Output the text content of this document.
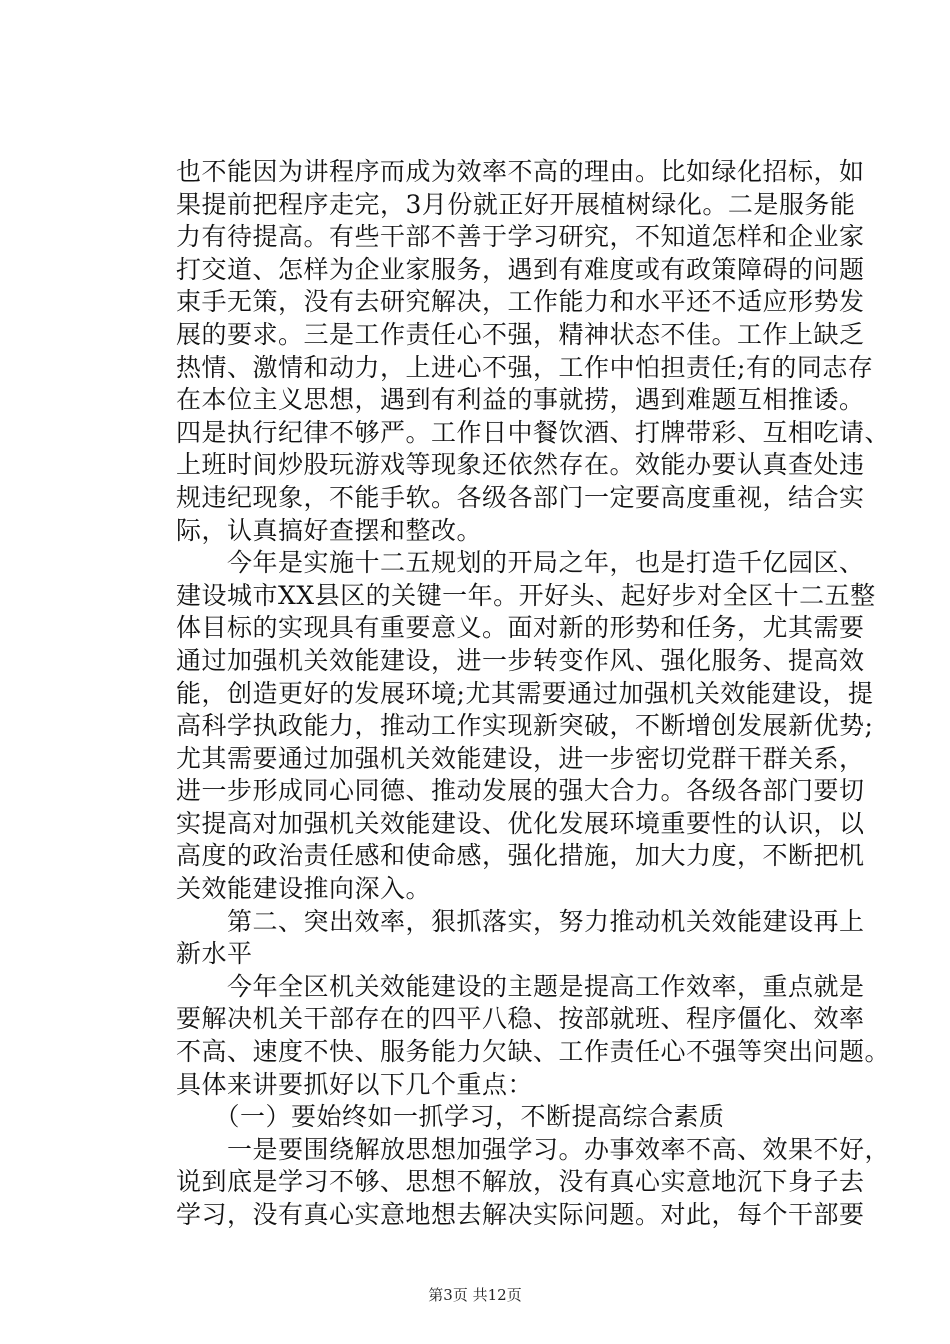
也不能因为讲程序而成为效率不高的理由。比如绿化招标，如
果提前把程序走完，3月份就正好开展植树绿化。二是服务能
力有待提高。有些干部不善于学习研究，不知道怎样和企业家
打交道、怎样为企业家服务，遇到有难度或有政策障碍的问题
束手无策，没有去研究解决，工作能力和水平还不适应形势发
展的要求。三是工作责任心不强，精神状态不佳。工作上缺乏
热情、激情和动力，上进心不强，工作中怕担责任;有的同志存
在本位主义思想，遇到有利益的事就捞，遇到难题互相推诿。
四是执行纪律不够严。工作日中餐饮酒、打牌带彩、互相吃请、
上班时间炒股玩游戏等现象还依然存在。效能办要认真查处违
规违纪现象，不能手软。各级各部门一定要高度重视，结合实
际，认真搞好查摆和整改。
　　今年是实施十二五规划的开局之年，也是打造千亿园区、
建设城市XX县区的关键一年。开好头、起好步对全区十二五整
体目标的实现具有重要意义。面对新的形势和任务，尤其需要
通过加强机关效能建设，进一步转变作风、强化服务、提高效
能，创造更好的发展环境;尤其需要通过加强机关效能建设，提
高科学执政能力，推动工作实现新突破，不断增创发展新优势;
尤其需要通过加强机关效能建设，进一步密切党群干群关系，
进一步形成同心同德、推动发展的强大合力。各级各部门要切
实提高对加强机关效能建设、优化发展环境重要性的认识，以
高度的政治责任感和使命感，强化措施，加大力度，不断把机
关效能建设推向深入。
　　第二、突出效率，狠抓落实，努力推动机关效能建设再上
新水平
　　今年全区机关效能建设的主题是提高工作效率，重点就是
要解决机关干部存在的四平八稳、按部就班、程序僵化、效率
不高、速度不快、服务能力欠缺、工作责任心不强等突出问题。
具体来讲要抓好以下几个重点：
　　（一）要始终如一抓学习，不断提高综合素质
　　一是要围绕解放思想加强学习。办事效率不高、效果不好，
说到底是学习不够、思想不解放，没有真心实意地沉下身子去
学习，没有真心实意地想去解决实际问题。对此，每个干部要
第3页 共12页
